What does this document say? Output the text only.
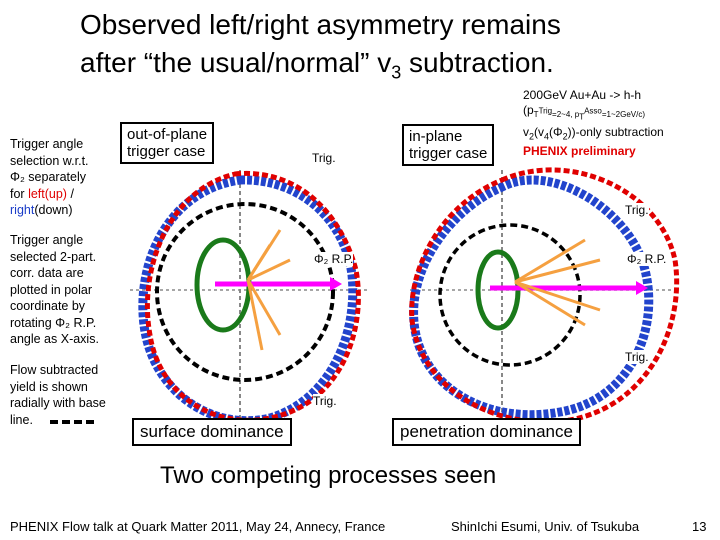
Observed left/right asymmetry remains
after “the usual/normal” $v_3$ subtraction.
Trigger angle
selection w.r.t.
Φ₂ separately
for left(up) /
right(down)
Trigger angle
selected 2-part.
corr. data are
plotted in polar
coordinate by
rotating Φ₂ R.P.
angle as X-axis.
Flow subtracted
yield is shown
radially with base
line.
out-of-plane
trigger case
in-plane
trigger case
Trig.
Trig.
Trig.
Trig.
Φ₂ R.P.	Φ₂ R.P.
200GeV Au+Au -> h-h
($p_{T^{Trig}=2\sim 4, p_T^{Asso}=1\sim 2GeV/c)}$
$v_2(v_4(\Phi_2))$-only subtraction
PHENIX preliminary
surface dominance	penetration dominance
Two competing processes seen
PHENIX Flow talk at Quark Matter 2011, May 24, Annecy, France	ShinIchi Esumi, Univ. of Tsukuba	13
